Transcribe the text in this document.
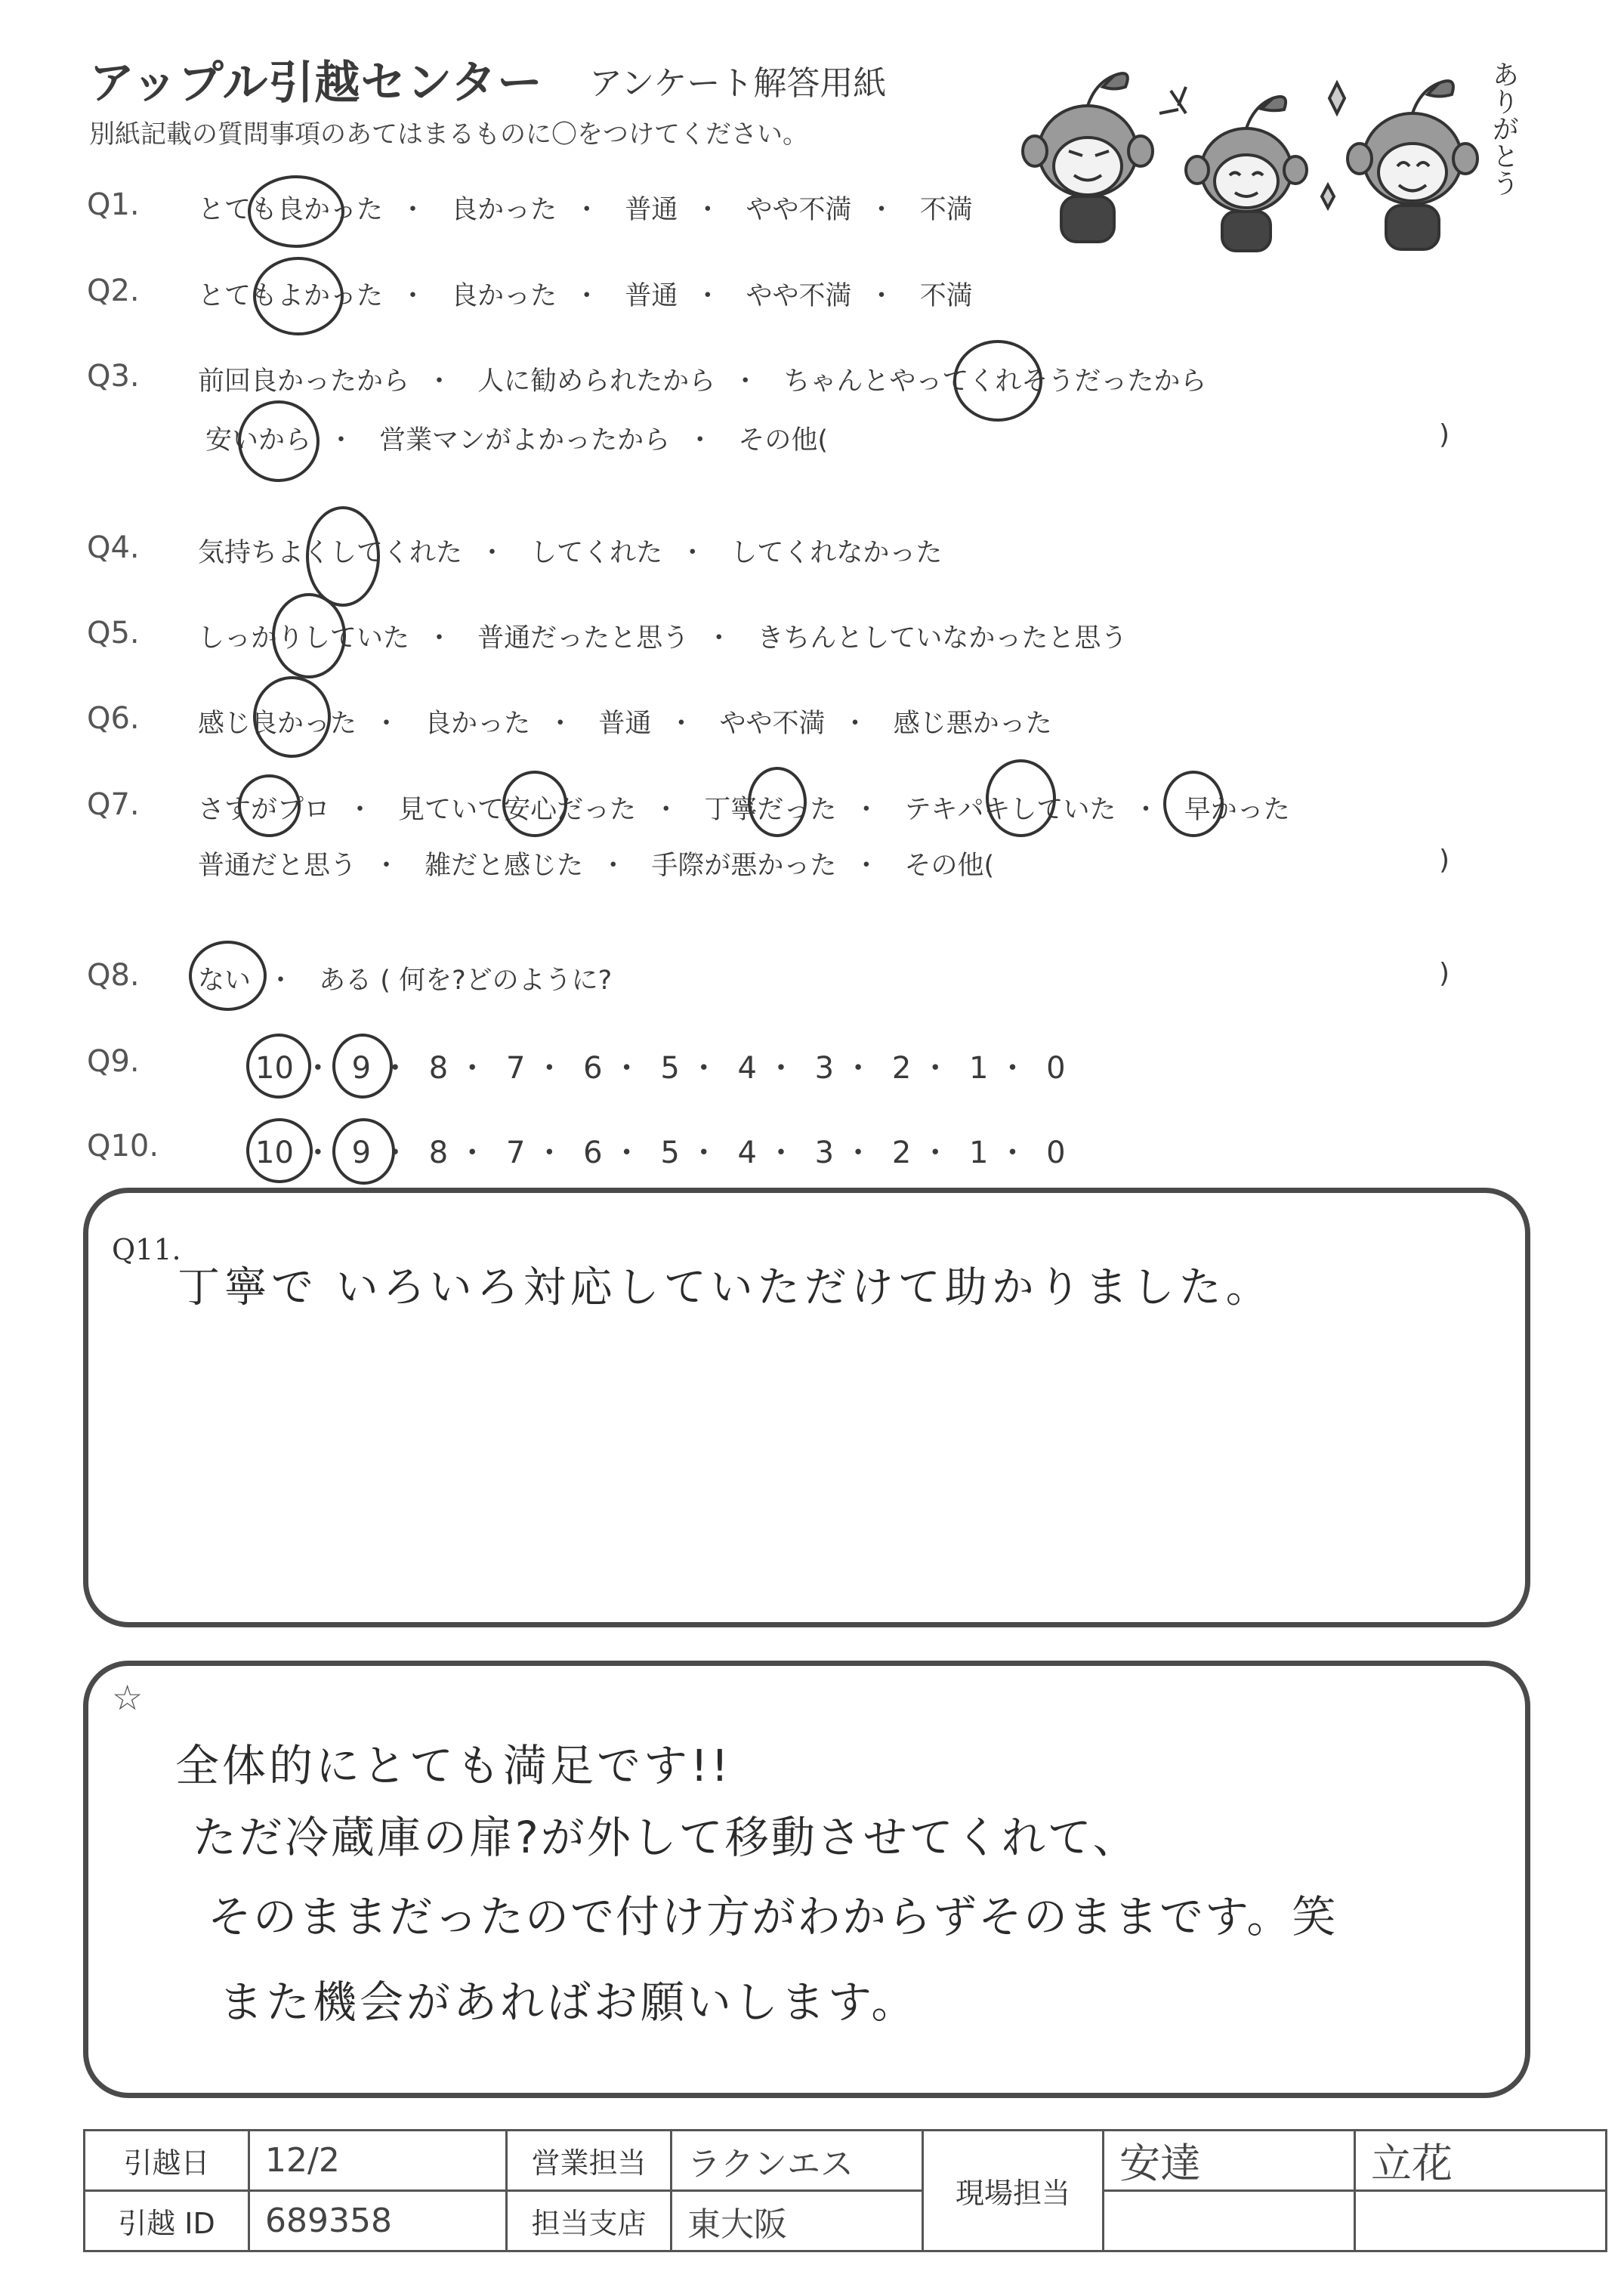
アップル引越センター アンケート解答用紙
別紙記載の質問事項のあてはまるものに〇をつけてください。	ありがとう
Q1. とても良かった ・ 良かった ・ 普通 ・ やや不満 ・ 不満
Q2. とてもよかった ・ 良かった ・ 普通 ・ やや不満 ・ 不満
Q3. 前回良かったから ・ 人に勧められたから ・ ちゃんとやってくれそうだったから
安いから ・ 営業マンがよかったから ・ その他(	)
Q4. 気持ちよくしてくれた ・ してくれた ・ してくれなかった
Q5. しっかりしていた ・ 普通だったと思う ・ きちんとしていなかったと思う
Q6. 感じ良かった ・ 良かった ・ 普通 ・ やや不満 ・ 感じ悪かった
Q7. さすがプロ ・ 見ていて安心だった ・ 丁寧だった ・ テキパキしていた ・ 早かった
普通だと思う ・ 雑だと感じた ・ 手際が悪かった ・ その他(	)
Q8. ない ・ ある ( 何を?どのように?	)
Q9.	10 ・ 9 ・ 8 ・ 7 ・ 6 ・ 5 ・ 4 ・ 3 ・ 2 ・ 1 ・ 0
Q10.	10 ・ 9 ・ 8 ・ 7 ・ 6 ・ 5 ・ 4 ・ 3 ・ 2 ・ 1 ・ 0
Q11.
丁寧で いろいろ対応していただけて助かりました。
☆
全体的にとても満足です!!
ただ冷蔵庫の扉?が外して移動させてくれて、
そのままだったので付け方がわからずそのままです。笑
また機会があればお願いします。
引越日	12/2	営業担当	ラクンエス	現場担当	安達	立花
引越 ID	689358	担当支店	東大阪			
